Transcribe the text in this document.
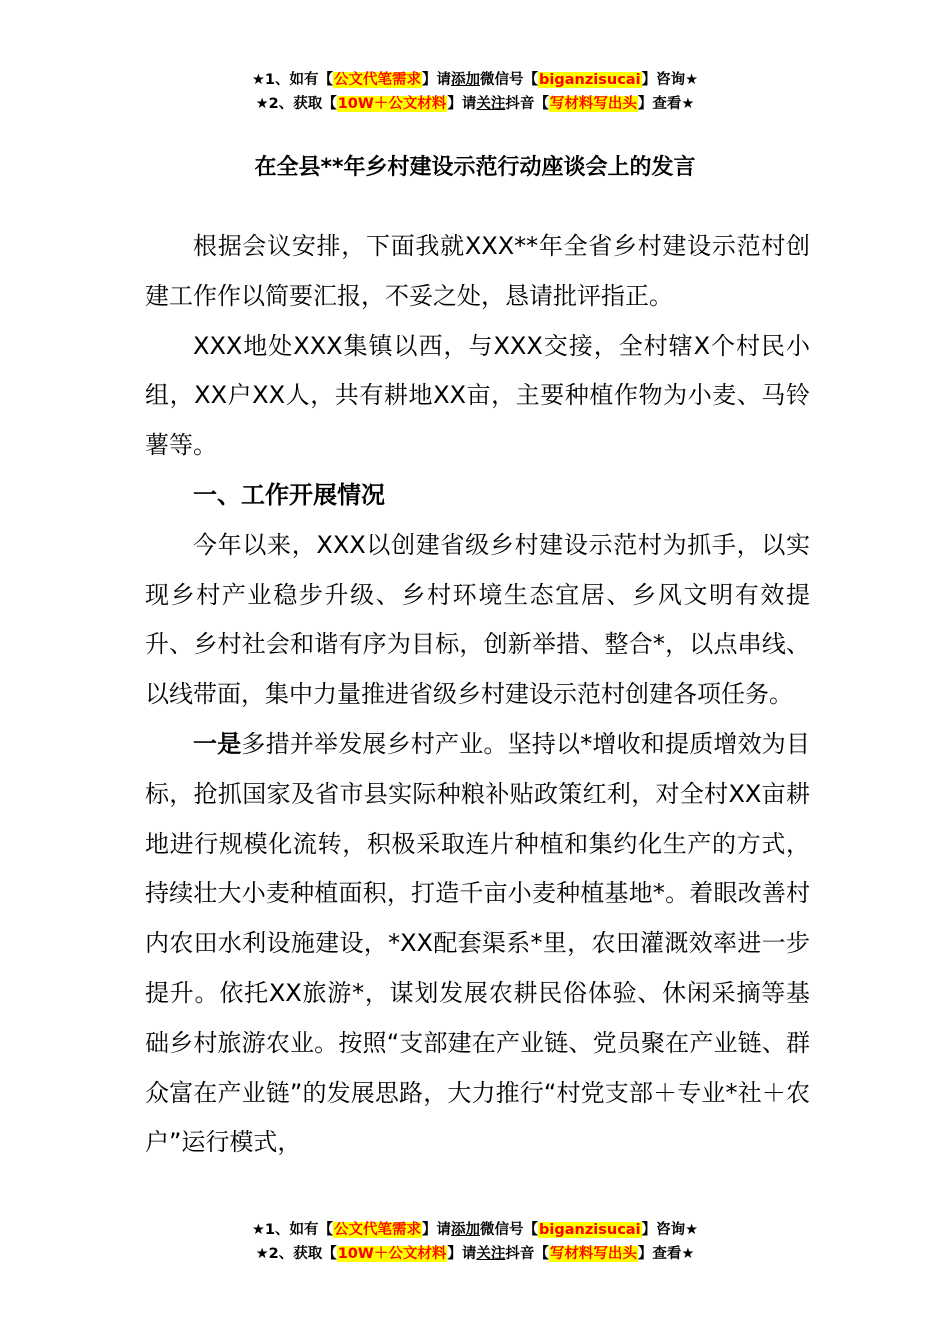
★1、如有【公文代笔需求】请添加微信号【biganzisucai】咨询★
★2、获取【10W＋公文材料】请关注抖音【写材料写出头】查看★
在全县**年乡村建设示范行动座谈会上的发言

根据会议安排，下面我就XXX**年全省乡村建设示范村创建工作作以简要汇报，不妥之处，恳请批评指正。

XXX地处XXX集镇以西，与XXX交接，全村辖X个村民小组，XX户XX人，共有耕地XX亩，主要种植作物为小麦、马铃薯等。

一、工作开展情况

今年以来，XXX以创建省级乡村建设示范村为抓手，以实现乡村产业稳步升级、乡村环境生态宜居、乡风文明有效提升、乡村社会和谐有序为目标，创新举措、整合*，以点串线、以线带面，集中力量推进省级乡村建设示范村创建各项任务。

一是多措并举发展乡村产业。坚持以*增收和提质增效为目标，抢抓国家及省市县实际种粮补贴政策红利，对全村XX亩耕地进行规模化流转，积极采取连片种植和集约化生产的方式，持续壮大小麦种植面积，打造千亩小麦种植基地*。着眼改善村内农田水利设施建设，*XX配套渠系*里，农田灌溉效率进一步提升。依托XX旅游*，谋划发展农耕民俗体验、休闲采摘等基础乡村旅游农业。按照“支部建在产业链、党员聚在产业链、群众富在产业链”的发展思路，大力推行“村党支部＋专业*社＋农户”运行模式，

★1、如有【公文代笔需求】请添加微信号【biganzisucai】咨询★
★2、获取【10W＋公文材料】请关注抖音【写材料写出头】查看★
